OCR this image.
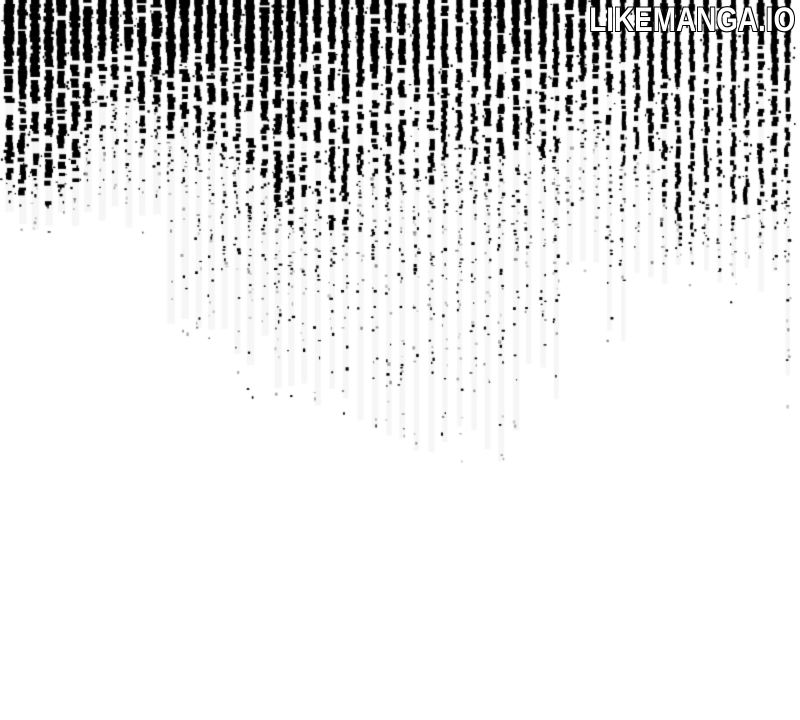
LIKEMANGA.IO
